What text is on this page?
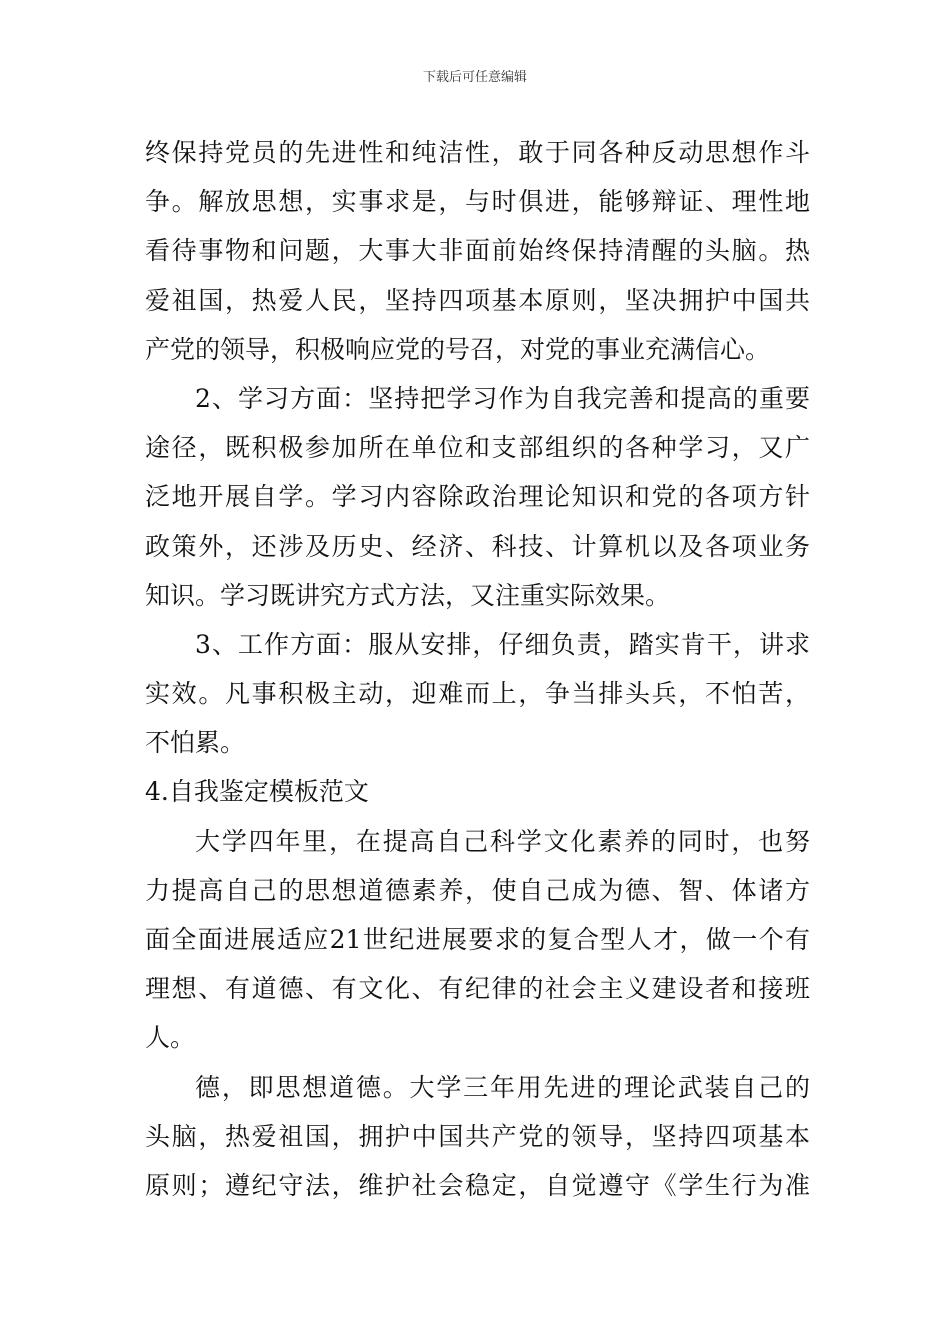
下载后可任意编辑
终保持党员的先进性和纯洁性，敢于同各种反动思想作斗
争。解放思想，实事求是，与时俱进，能够辩证、理性地
看待事物和问题，大事大非面前始终保持清醒的头脑。热
爱祖国，热爱人民，坚持四项基本原则，坚决拥护中国共
产党的领导，积极响应党的号召，对党的事业充满信心。
2、学习方面：坚持把学习作为自我完善和提高的重要
途径，既积极参加所在单位和支部组织的各种学习，又广
泛地开展自学。学习内容除政治理论知识和党的各项方针
政策外，还涉及历史、经济、科技、计算机以及各项业务
知识。学习既讲究方式方法，又注重实际效果。
3、工作方面：服从安排，仔细负责，踏实肯干，讲求
实效。凡事积极主动，迎难而上，争当排头兵，不怕苦，
不怕累。
4.自我鉴定模板范文
大学四年里，在提高自己科学文化素养的同时，也努
力提高自己的思想道德素养，使自己成为德、智、体诸方
面全面进展适应21世纪进展要求的复合型人才，做一个有
理想、有道德、有文化、有纪律的社会主义建设者和接班
人。
德，即思想道德。大学三年用先进的理论武装自己的
头脑，热爱祖国，拥护中国共产党的领导，坚持四项基本
原则；遵纪守法，维护社会稳定，自觉遵守《学生行为准
